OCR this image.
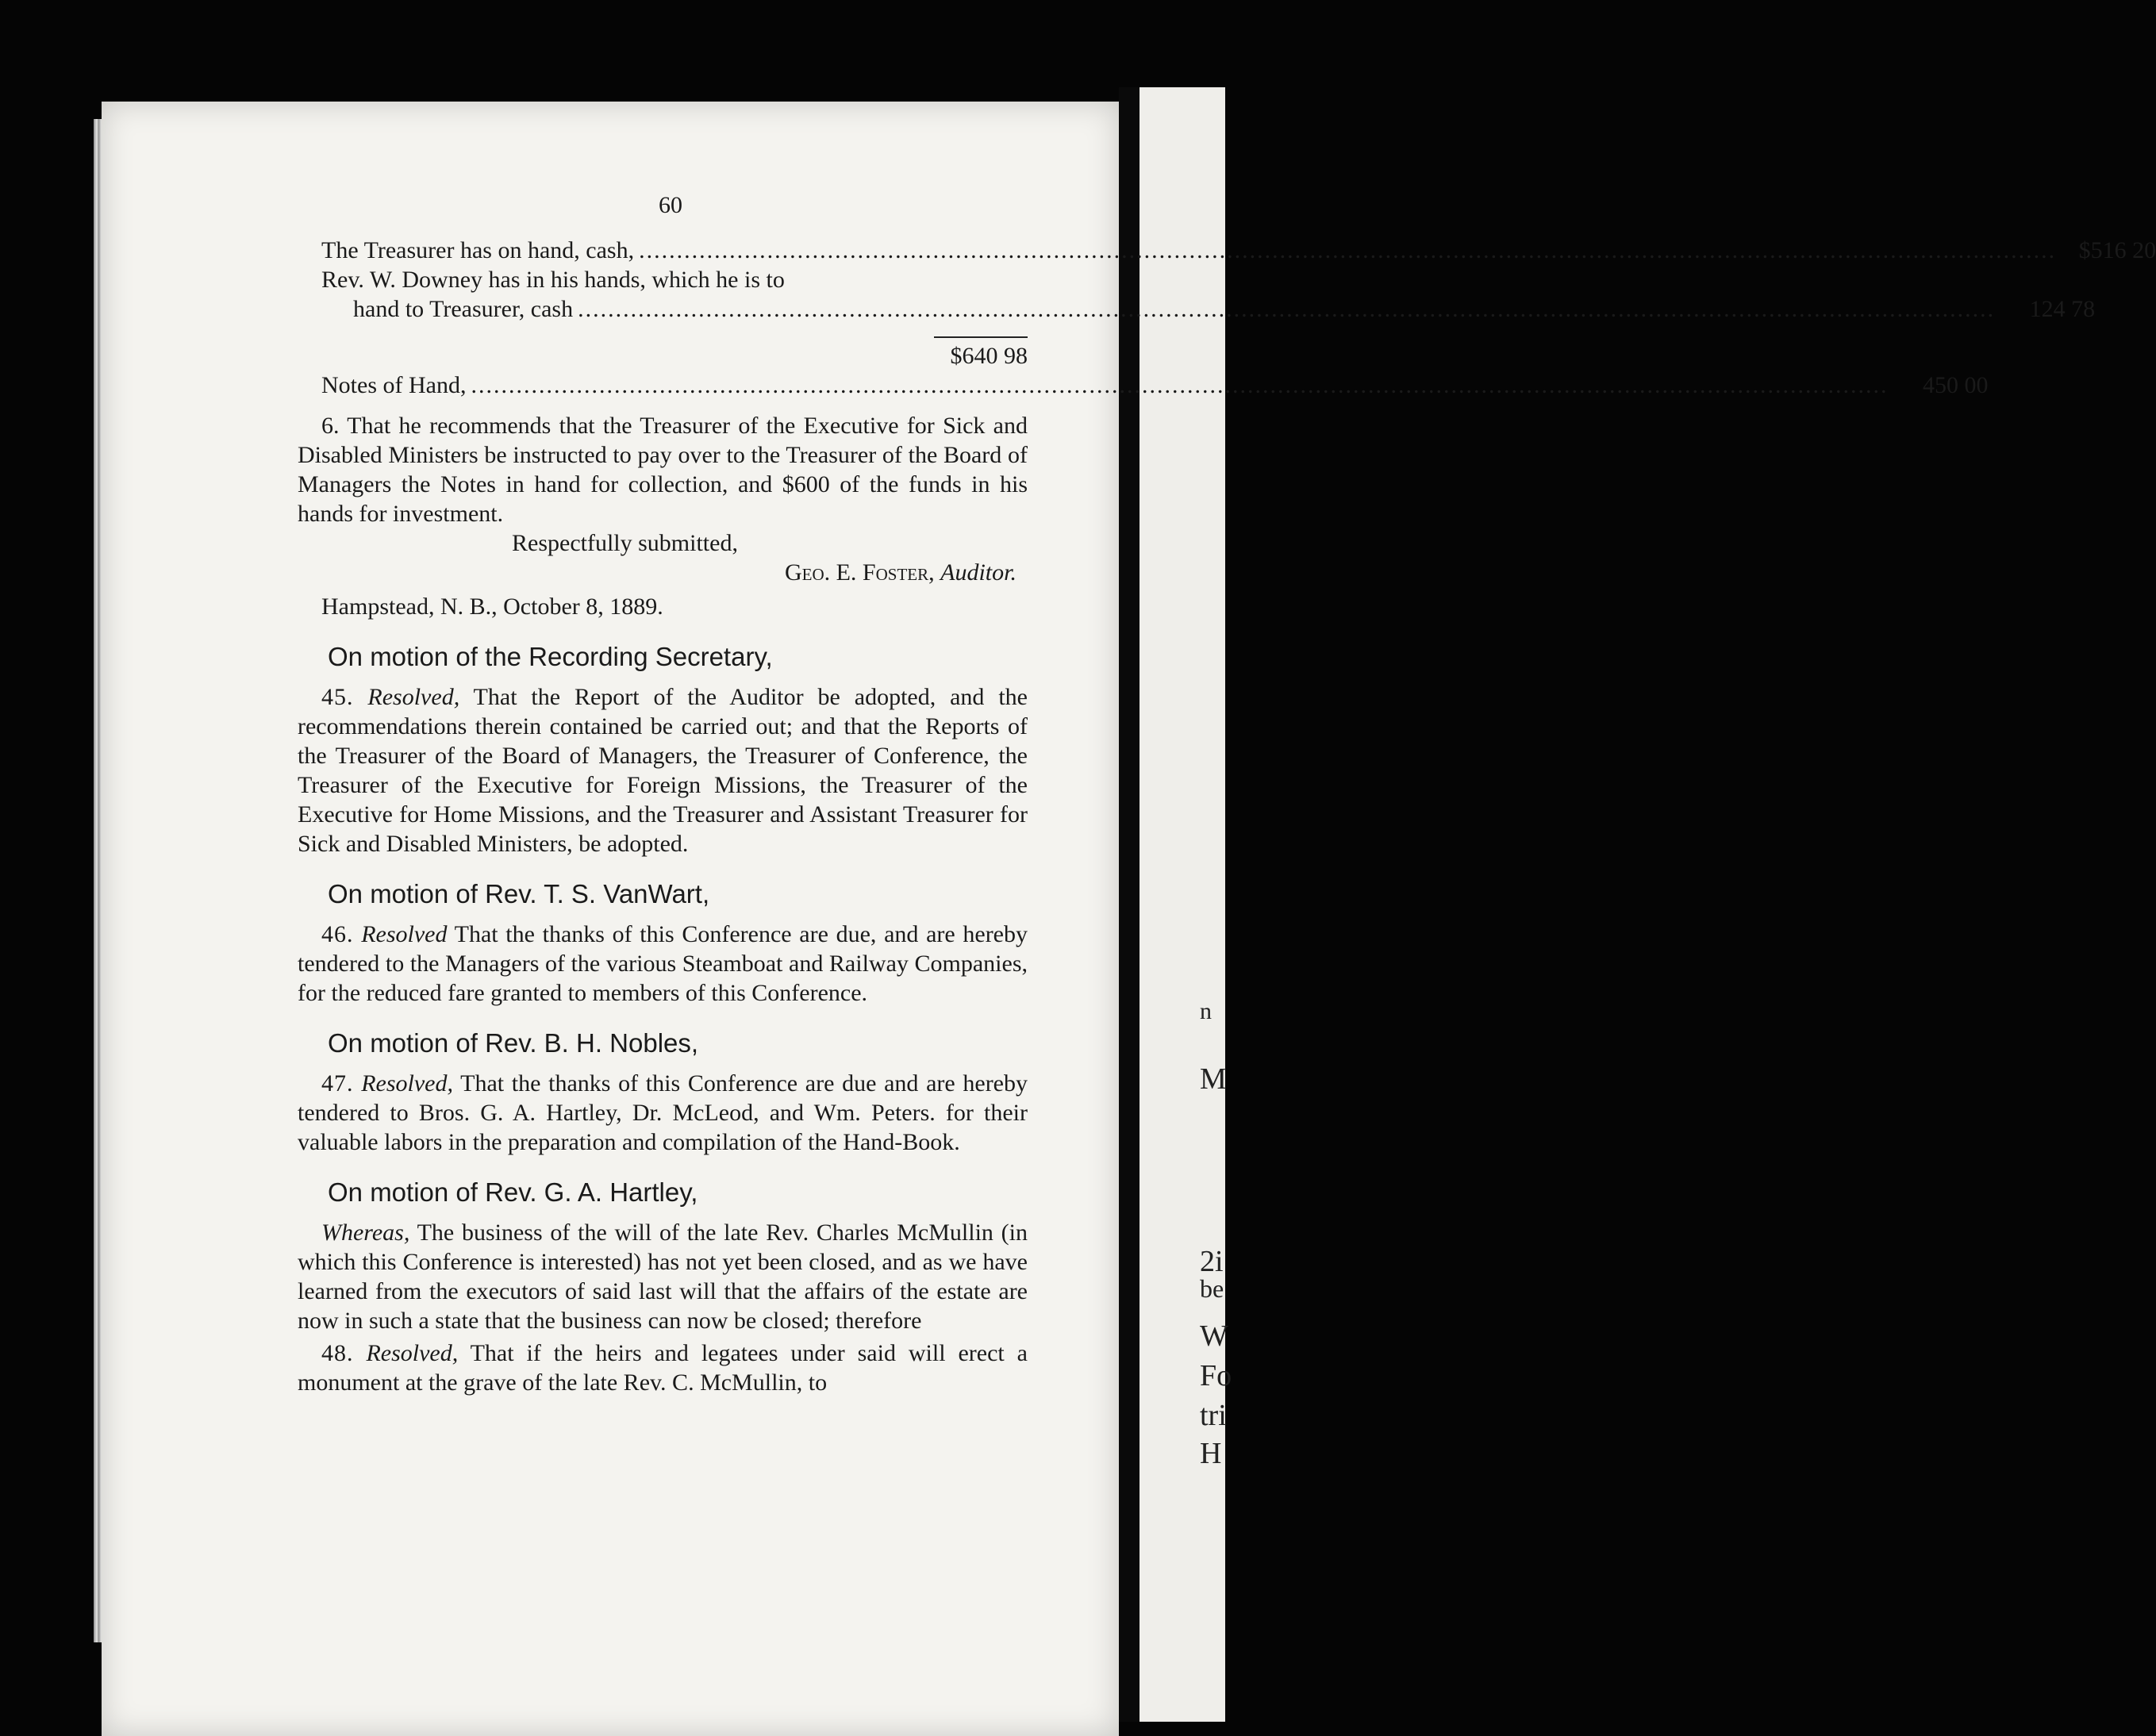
n
M
2i
be
W
Fo
tri
H
60
The Treasurer has on hand, cash, .....	$516 20
Rev. W. Downey has in his hands, which he is to
hand to Treasurer, cash .....	124 78
$640 98
Notes of Hand, .....	450 00

6. That he recommends that the Treasurer of the Executive for Sick and Disabled Ministers be instructed to pay over to the Treasurer of the Board of Managers the Notes in hand for collection, and $600 of the funds in his hands for investment.

Respectfully submitted,
Geo. E. Foster, Auditor.
Hampstead, N. B., October 8, 1889.
On motion of the Recording Secretary,

45. Resolved, That the Report of the Auditor be adopted, and the recommendations therein contained be carried out; and that the Reports of the Treasurer of the Board of Managers, the Treasurer of Conference, the Treasurer of the Executive for Foreign Missions, the Treasurer of the Executive for Home Missions, and the Treasurer and Assistant Treasurer for Sick and Disabled Ministers, be adopted.

On motion of Rev. T. S. VanWart,

46. Resolved That the thanks of this Conference are due, and are hereby tendered to the Managers of the various Steamboat and Railway Companies, for the reduced fare granted to members of this Conference.

On motion of Rev. B. H. Nobles,

47. Resolved, That the thanks of this Conference are due and are hereby tendered to Bros. G. A. Hartley, Dr. McLeod, and Wm. Peters. for their valuable labors in the preparation and compilation of the Hand-Book.

On motion of Rev. G. A. Hartley,

Whereas, The business of the will of the late Rev. Charles McMullin (in which this Conference is interested) has not yet been closed, and as we have learned from the executors of said last will that the affairs of the estate are now in such a state that the business can now be closed; therefore

48. Resolved, That if the heirs and legatees under said will erect a monument at the grave of the late Rev. C. McMullin, to
